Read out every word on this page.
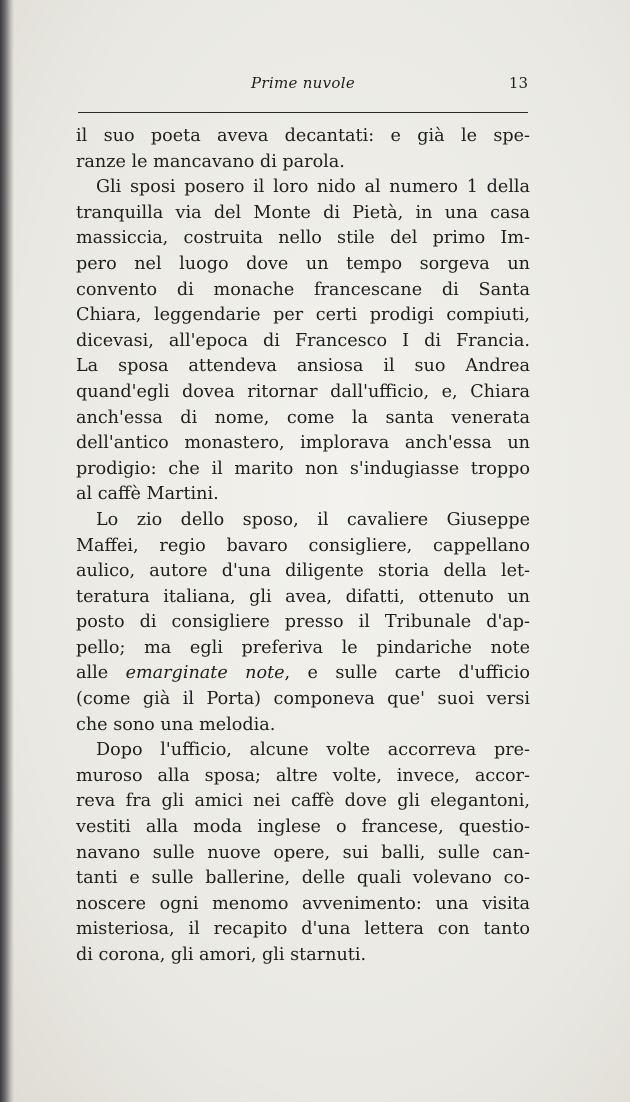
Prime nuvole	13
il suo poeta aveva decantati: e già le spe-
ranze le mancavano di parola.
Gli sposi posero il loro nido al numero 1 della
tranquilla via del Monte di Pietà, in una casa
massiccia, costruita nello stile del primo Im-
pero nel luogo dove un tempo sorgeva un
convento di monache francescane di Santa
Chiara, leggendarie per certi prodigi compiuti,
dicevasi, all'epoca di Francesco I di Francia.
La sposa attendeva ansiosa il suo Andrea
quand'egli dovea ritornar dall'ufficio, e, Chiara
anch'essa di nome, come la santa venerata
dell'antico monastero, implorava anch'essa un
prodigio: che il marito non s'indugiasse troppo
al caffè Martini.
Lo zio dello sposo, il cavaliere Giuseppe
Maffei, regio bavaro consigliere, cappellano
aulico, autore d'una diligente storia della let-
teratura italiana, gli avea, difatti, ottenuto un
posto di consigliere presso il Tribunale d'ap-
pello; ma egli preferiva le pindariche note
alle emarginate note, e sulle carte d'ufficio
(come già il Porta) componeva que' suoi versi
che sono una melodia.
Dopo l'ufficio, alcune volte accorreva pre-
muroso alla sposa; altre volte, invece, accor-
reva fra gli amici nei caffè dove gli elegantoni,
vestiti alla moda inglese o francese, questio-
navano sulle nuove opere, sui balli, sulle can-
tanti e sulle ballerine, delle quali volevano co-
noscere ogni menomo avvenimento: una visita
misteriosa, il recapito d'una lettera con tanto
di corona, gli amori, gli starnuti.
